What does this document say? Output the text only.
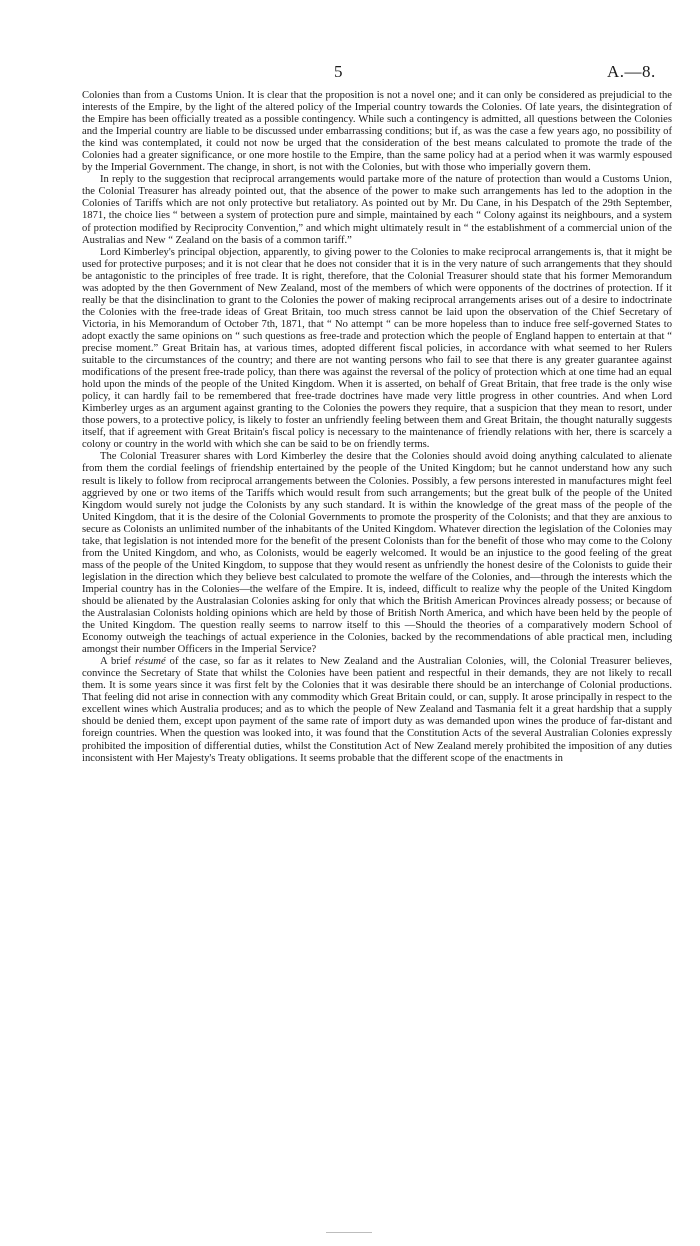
5	A.—8.

Colonies than from a Customs Union. It is clear that the proposition is not a novel one; and it can only be considered as prejudicial to the interests of the Empire, by the light of the altered policy of the Imperial country towards the Colonies. Of late years, the disintegration of the Empire has been officially treated as a possible contingency. While such a contingency is admitted, all questions between the Colonies and the Imperial country are liable to be discussed under embarrassing conditions; but if, as was the case a few years ago, no possibility of the kind was contemplated, it could not now be urged that the consideration of the best means calculated to promote the trade of the Colonies had a greater significance, or one more hostile to the Empire, than the same policy had at a period when it was warmly espoused by the Imperial Government. The change, in short, is not with the Colonies, but with those who imperially govern them.

In reply to the suggestion that reciprocal arrangements would partake more of the nature of protection than would a Customs Union, the Colonial Treasurer has already pointed out, that the absence of the power to make such arrangements has led to the adoption in the Colonies of Tariffs which are not only protective but retaliatory. As pointed out by Mr. Du Cane, in his Despatch of the 29th September, 1871, the choice lies “ between a system of protection pure and simple, maintained by each “ Colony against its neighbours, and a system of protection modified by Reciprocity Convention,” and which might ultimately result in “ the establishment of a commercial union of the Australias and New “ Zealand on the basis of a common tariff.”

Lord Kimberley's principal objection, apparently, to giving power to the Colonies to make reciprocal arrangements is, that it might be used for protective purposes; and it is not clear that he does not consider that it is in the very nature of such arrangements that they should be antagonistic to the principles of free trade. It is right, therefore, that the Colonial Treasurer should state that his former Memorandum was adopted by the then Government of New Zealand, most of the members of which were opponents of the doctrines of protection. If it really be that the disinclination to grant to the Colonies the power of making reciprocal arrangements arises out of a desire to indoctrinate the Colonies with the free-trade ideas of Great Britain, too much stress cannot be laid upon the observation of the Chief Secretary of Victoria, in his Memorandum of October 7th, 1871, that “ No attempt “ can be more hopeless than to induce free self-governed States to adopt exactly the same opinions on “ such questions as free-trade and protection which the people of England happen to entertain at that “ precise moment.” Great Britain has, at various times, adopted different fiscal policies, in accordance with what seemed to her Rulers suitable to the circumstances of the country; and there are not wanting persons who fail to see that there is any greater guarantee against modifications of the present free-trade policy, than there was against the reversal of the policy of protection which at one time had an equal hold upon the minds of the people of the United Kingdom. When it is asserted, on behalf of Great Britain, that free trade is the only wise policy, it can hardly fail to be remembered that free-trade doctrines have made very little progress in other countries. And when Lord Kimberley urges as an argument against granting to the Colonies the powers they require, that a suspicion that they mean to resort, under those powers, to a protective policy, is likely to foster an unfriendly feeling between them and Great Britain, the thought naturally suggests itself, that if agreement with Great Britain's fiscal policy is necessary to the maintenance of friendly relations with her, there is scarcely a colony or country in the world with which she can be said to be on friendly terms.

The Colonial Treasurer shares with Lord Kimberley the desire that the Colonies should avoid doing anything calculated to alienate from them the cordial feelings of friendship entertained by the people of the United Kingdom; but he cannot understand how any such result is likely to follow from reciprocal arrangements between the Colonies. Possibly, a few persons interested in manufactures might feel aggrieved by one or two items of the Tariffs which would result from such arrangements; but the great bulk of the people of the United Kingdom would surely not judge the Colonists by any such standard. It is within the knowledge of the great mass of the people of the United Kingdom, that it is the desire of the Colonial Governments to promote the prosperity of the Colonists; and that they are anxious to secure as Colonists an unlimited number of the inhabitants of the United Kingdom. Whatever direction the legislation of the Colonies may take, that legislation is not intended more for the benefit of the present Colonists than for the benefit of those who may come to the Colony from the United Kingdom, and who, as Colonists, would be eagerly welcomed. It would be an injustice to the good feeling of the great mass of the people of the United Kingdom, to suppose that they would resent as unfriendly the honest desire of the Colonists to guide their legislation in the direction which they believe best calculated to promote the welfare of the Colonies, and—through the interests which the Imperial country has in the Colonies—the welfare of the Empire. It is, indeed, difficult to realize why the people of the United Kingdom should be alienated by the Australasian Colonies asking for only that which the British American Provinces already possess; or because of the Australasian Colonists holding opinions which are held by those of British North America, and which have been held by the people of the United Kingdom. The question really seems to narrow itself to this —Should the theories of a comparatively modern School of Economy outweigh the teachings of actual experience in the Colonies, backed by the recommendations of able practical men, including amongst their number Officers in the Imperial Service?

A brief résumé of the case, so far as it relates to New Zealand and the Australian Colonies, will, the Colonial Treasurer believes, convince the Secretary of State that whilst the Colonies have been patient and respectful in their demands, they are not likely to recall them. It is some years since it was first felt by the Colonies that it was desirable there should be an interchange of Colonial productions. That feeling did not arise in connection with any commodity which Great Britain could, or can, supply. It arose principally in respect to the excellent wines which Australia produces; and as to which the people of New Zealand and Tasmania felt it a great hardship that a supply should be denied them, except upon payment of the same rate of import duty as was demanded upon wines the produce of far-distant and foreign countries. When the question was looked into, it was found that the Constitution Acts of the several Australian Colonies expressly prohibited the imposition of differential duties, whilst the Constitution Act of New Zealand merely prohibited the imposition of any duties inconsistent with Her Majesty's Treaty obligations. It seems probable that the different scope of the enactments in
